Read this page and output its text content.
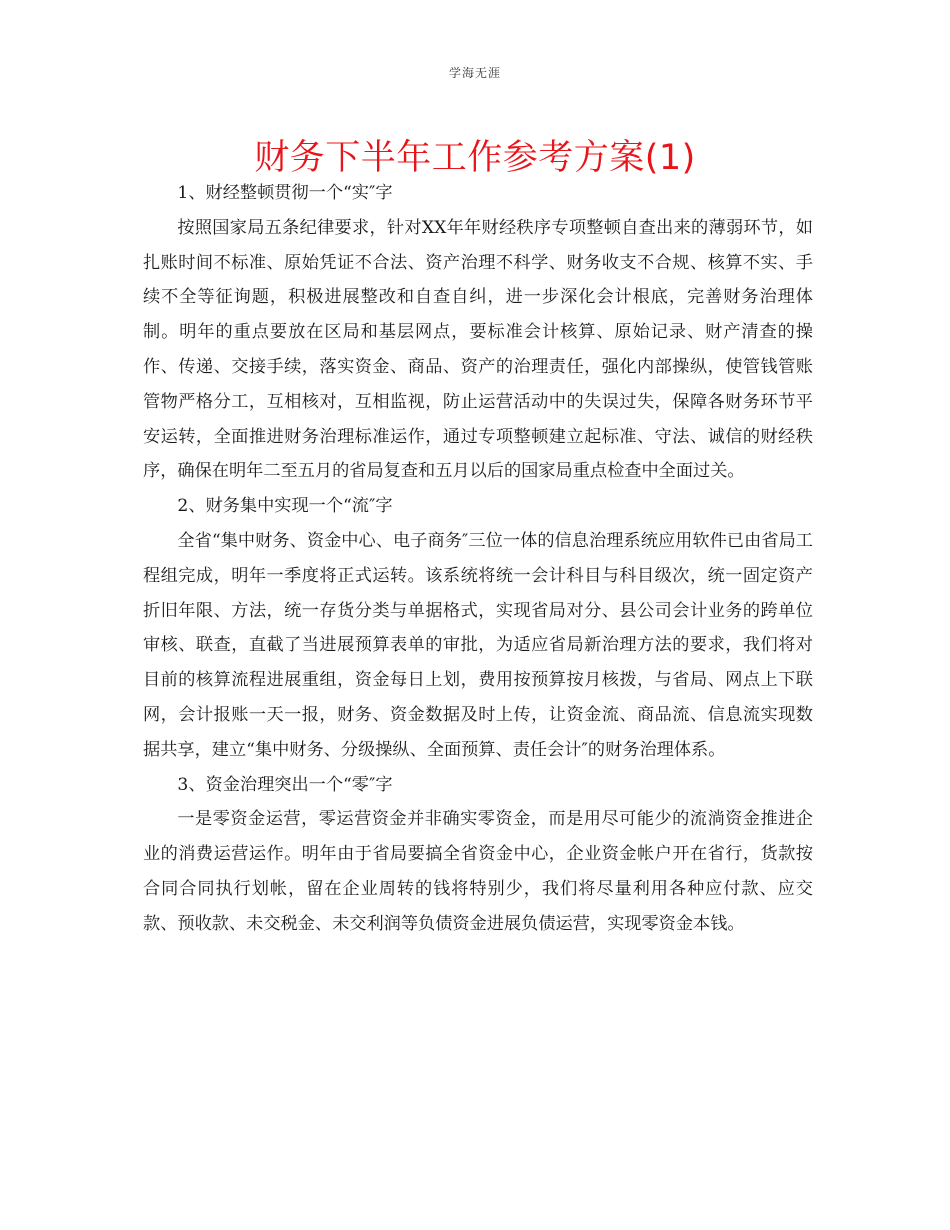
学海无涯
财务下半年工作参考方案(1)

1、财经整顿贯彻一个“实″字

按照国家局五条纪律要求，针对XX年年财经秩序专项整顿自查出来的薄弱环节，如扎账时间不标准、原始凭证不合法、资产治理不科学、财务收支不合规、核算不实、手续不全等征询题，积极进展整改和自查自纠，进一步深化会计根底，完善财务治理体制。明年的重点要放在区局和基层网点，要标准会计核算、原始记录、财产清查的操作、传递、交接手续，落实资金、商品、资产的治理责任，强化内部操纵，使管钱管账管物严格分工，互相核对，互相监视，防止运营活动中的失误过失，保障各财务环节平安运转，全面推进财务治理标准运作，通过专项整顿建立起标准、守法、诚信的财经秩序，确保在明年二至五月的省局复查和五月以后的国家局重点检查中全面过关。

2、财务集中实现一个“流″字

全省“集中财务、资金中心、电子商务″三位一体的信息治理系统应用软件已由省局工程组完成，明年一季度将正式运转。该系统将统一会计科目与科目级次，统一固定资产折旧年限、方法，统一存货分类与单据格式，实现省局对分、县公司会计业务的跨单位审核、联查，直截了当进展预算表单的审批，为适应省局新治理方法的要求，我们将对目前的核算流程进展重组，资金每日上划，费用按预算按月核拨，与省局、网点上下联网，会计报账一天一报，财务、资金数据及时上传，让资金流、商品流、信息流实现数据共享，建立“集中财务、分级操纵、全面预算、责任会计″的财务治理体系。

3、资金治理突出一个“零″字

一是零资金运营，零运营资金并非确实零资金，而是用尽可能少的流淌资金推进企业的消费运营运作。明年由于省局要搞全省资金中心，企业资金帐户开在省行，货款按合同合同执行划帐，留在企业周转的钱将特别少，我们将尽量利用各种应付款、应交款、预收款、未交税金、未交利润等负债资金进展负债运营，实现零资金本钱。
